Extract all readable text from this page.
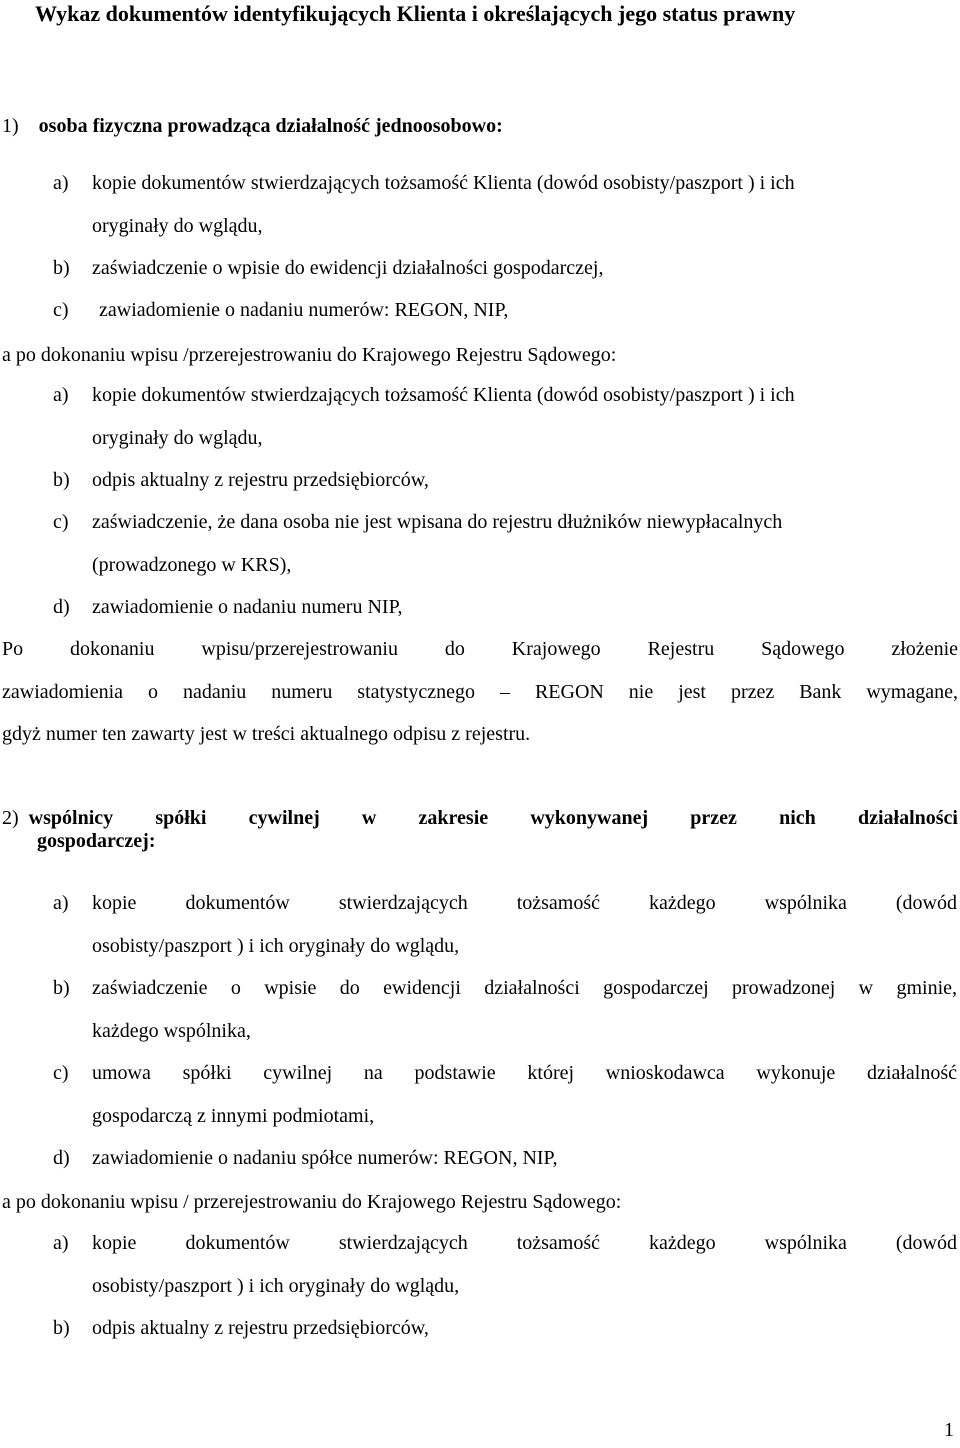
Wykaz dokumentów identyfikujących Klienta i określających jego status prawny
1) osoba fizyczna prowadząca działalność jednoosobowo:
a) kopie dokumentów stwierdzających tożsamość Klienta (dowód osobisty/paszport ) i ich
oryginały do wglądu,
b) zaświadczenie o wpisie do ewidencji działalności gospodarczej,
c) zawiadomienie o nadaniu numerów: REGON, NIP,
a po dokonaniu wpisu /przerejestrowaniu do Krajowego Rejestru Sądowego:
a) kopie dokumentów stwierdzających tożsamość Klienta (dowód osobisty/paszport ) i ich
oryginały do wglądu,
b) odpis aktualny z rejestru przedsiębiorców,
c) zaświadczenie, że dana osoba nie jest wpisana do rejestru dłużników niewypłacalnych
(prowadzonego w KRS),
d) zawiadomienie o nadaniu numeru NIP,
Po dokonaniu wpisu/przerejestrowaniu do Krajowego Rejestru Sądowego złożenie
zawiadomienia o nadaniu numeru statystycznego – REGON nie jest przez Bank wymagane,
gdyż numer ten zawarty jest w treści aktualnego odpisu z rejestru.
2) wspólnicy spółki cywilnej w zakresie wykonywanej przez nich działalności
gospodarczej:
a) kopie dokumentów stwierdzających tożsamość każdego wspólnika (dowód
osobisty/paszport ) i ich oryginały do wglądu,
b) zaświadczenie o wpisie do ewidencji działalności gospodarczej prowadzonej w gminie,
każdego wspólnika,
c) umowa spółki cywilnej na podstawie której wnioskodawca wykonuje działalność
gospodarczą z innymi podmiotami,
d) zawiadomienie o nadaniu spółce numerów: REGON, NIP,
a po dokonaniu wpisu / przerejestrowaniu do Krajowego Rejestru Sądowego:
a) kopie dokumentów stwierdzających tożsamość każdego wspólnika (dowód
osobisty/paszport ) i ich oryginały do wglądu,
b) odpis aktualny z rejestru przedsiębiorców,
1
